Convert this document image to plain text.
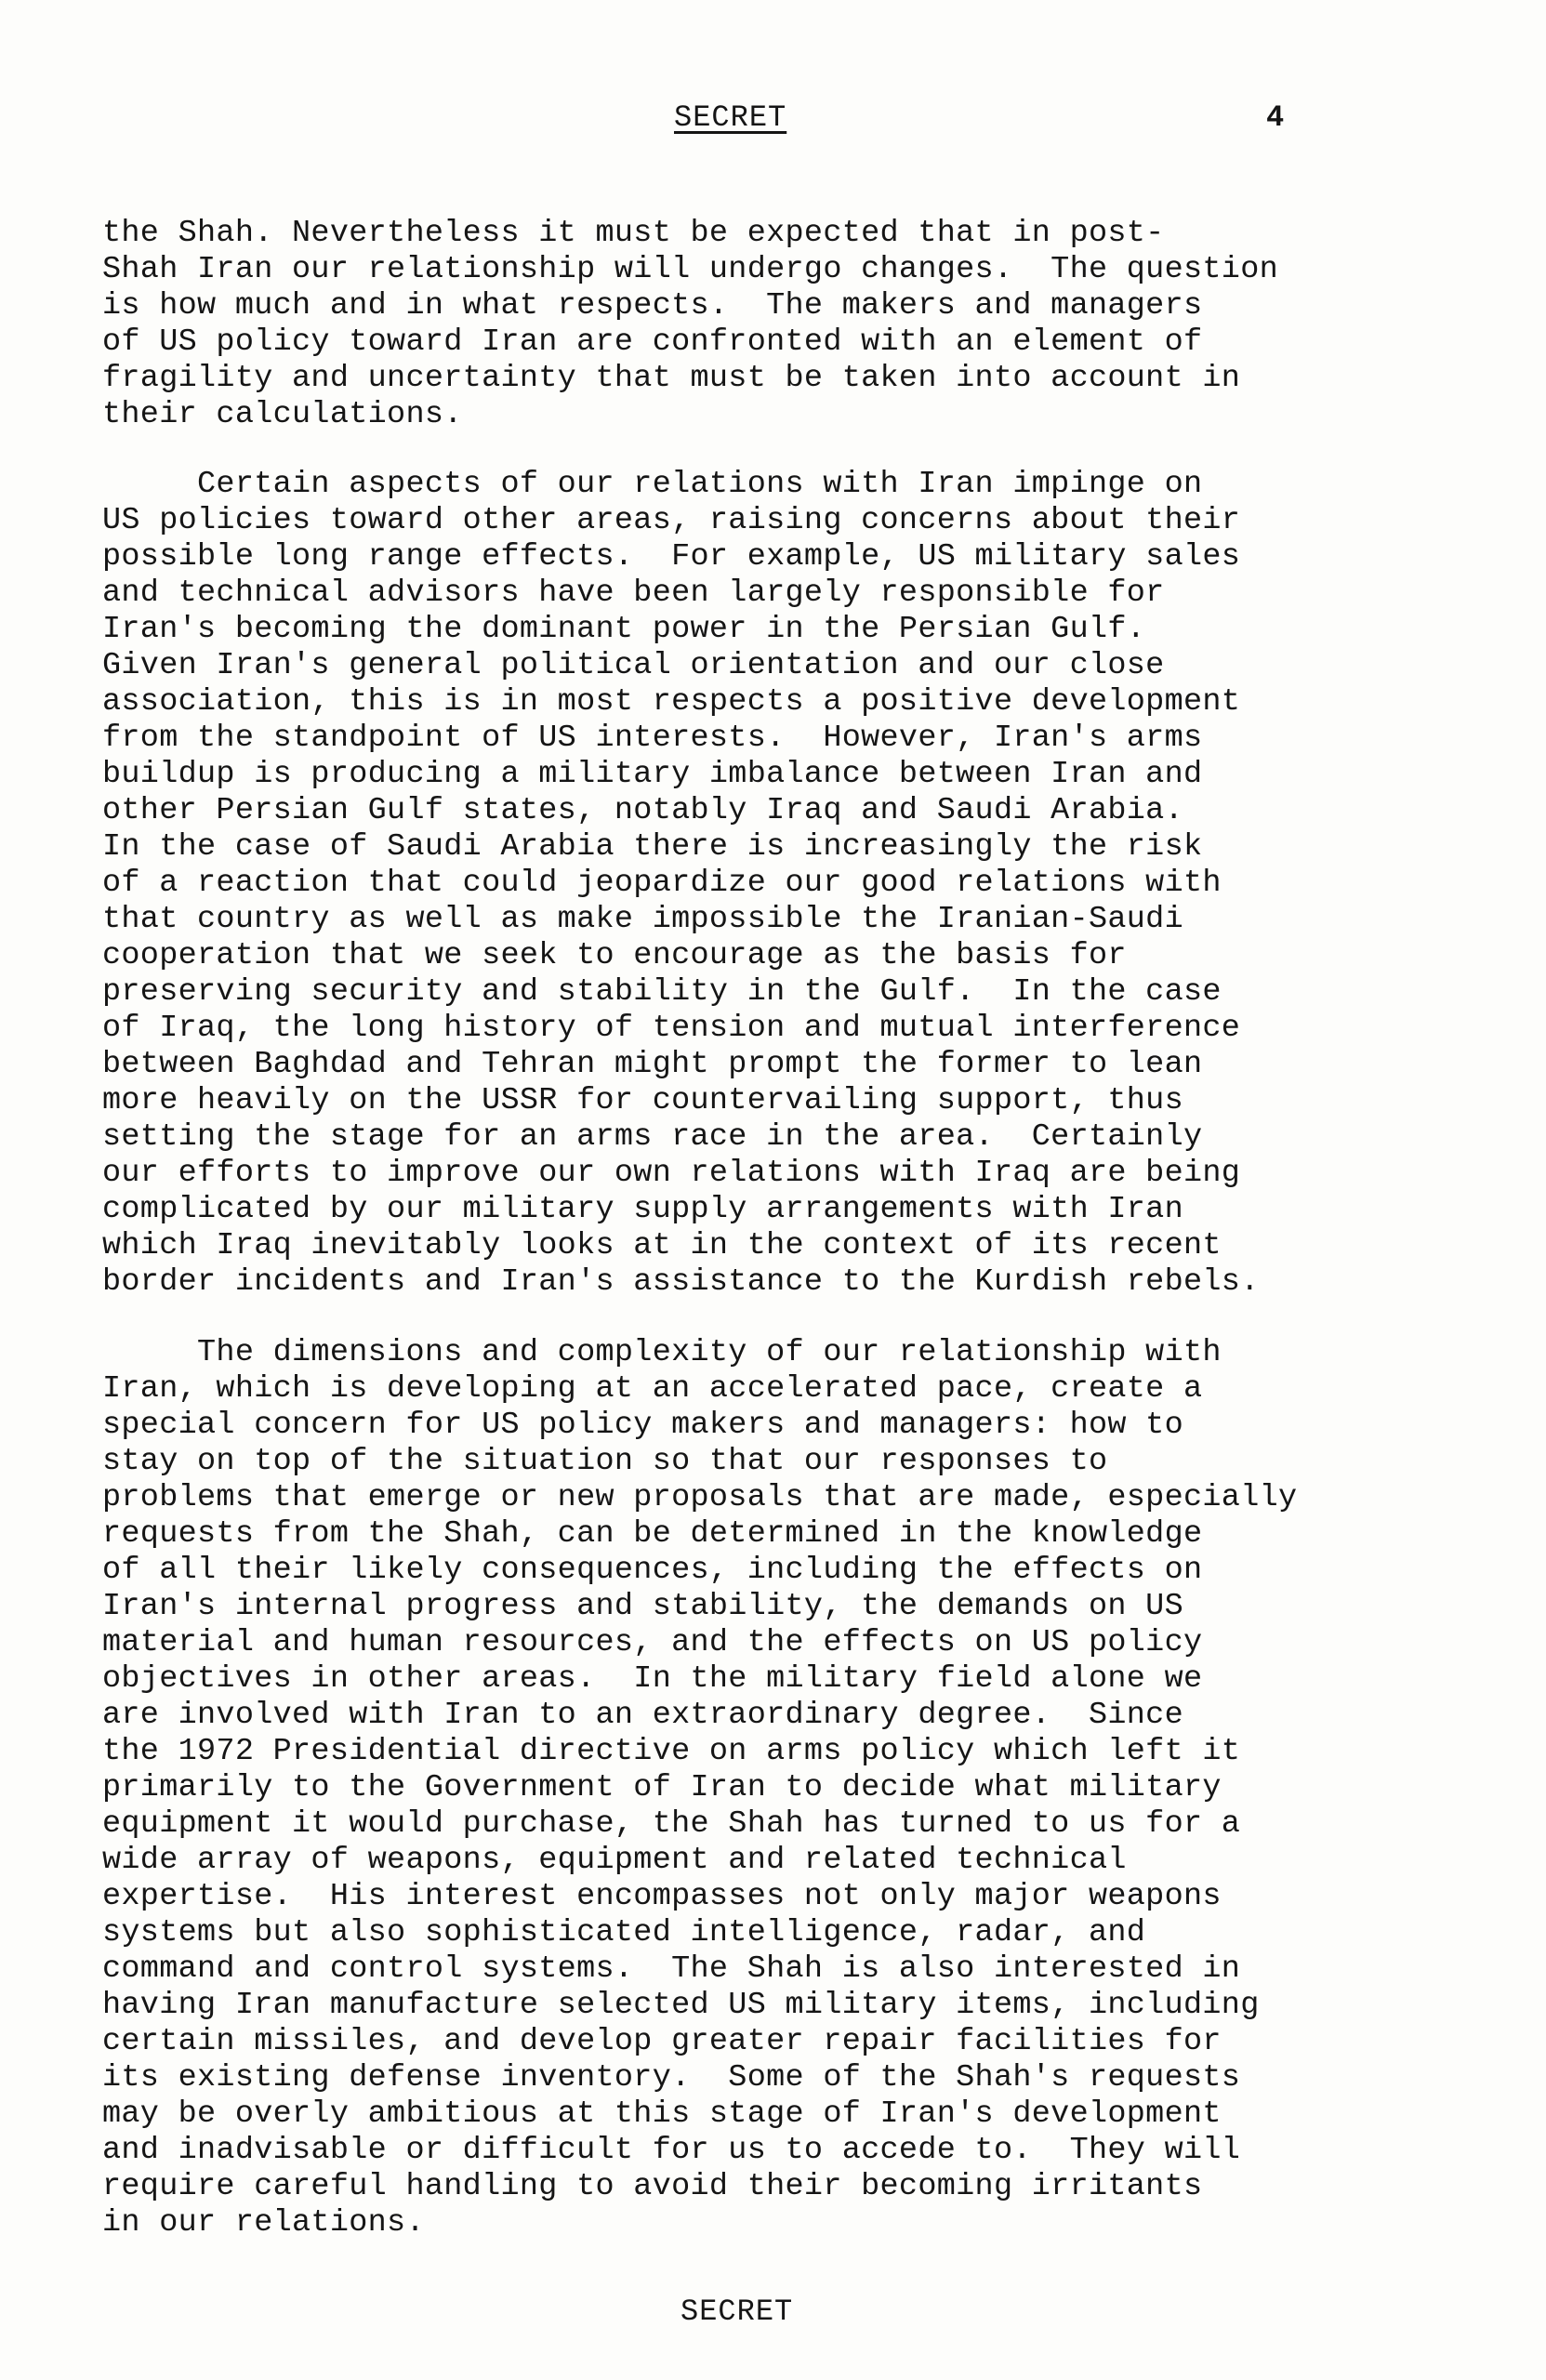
SECRET	4
the Shah. Nevertheless it must be expected that in post-
Shah Iran our relationship will undergo changes.  The question
is how much and in what respects.  The makers and managers
of US policy toward Iran are confronted with an element of
fragility and uncertainty that must be taken into account in
their calculations.
Certain aspects of our relations with Iran impinge on
US policies toward other areas, raising concerns about their
possible long range effects.  For example, US military sales
and technical advisors have been largely responsible for
Iran's becoming the dominant power in the Persian Gulf.
Given Iran's general political orientation and our close
association, this is in most respects a positive development
from the standpoint of US interests.  However, Iran's arms
buildup is producing a military imbalance between Iran and
other Persian Gulf states, notably Iraq and Saudi Arabia.
In the case of Saudi Arabia there is increasingly the risk
of a reaction that could jeopardize our good relations with
that country as well as make impossible the Iranian-Saudi
cooperation that we seek to encourage as the basis for
preserving security and stability in the Gulf.  In the case
of Iraq, the long history of tension and mutual interference
between Baghdad and Tehran might prompt the former to lean
more heavily on the USSR for countervailing support, thus
setting the stage for an arms race in the area.  Certainly
our efforts to improve our own relations with Iraq are being
complicated by our military supply arrangements with Iran
which Iraq inevitably looks at in the context of its recent
border incidents and Iran's assistance to the Kurdish rebels.
The dimensions and complexity of our relationship with
Iran, which is developing at an accelerated pace, create a
special concern for US policy makers and managers: how to
stay on top of the situation so that our responses to
problems that emerge or new proposals that are made, especially
requests from the Shah, can be determined in the knowledge
of all their likely consequences, including the effects on
Iran's internal progress and stability, the demands on US
material and human resources, and the effects on US policy
objectives in other areas.  In the military field alone we
are involved with Iran to an extraordinary degree.  Since
the 1972 Presidential directive on arms policy which left it
primarily to the Government of Iran to decide what military
equipment it would purchase, the Shah has turned to us for a
wide array of weapons, equipment and related technical
expertise.  His interest encompasses not only major weapons
systems but also sophisticated intelligence, radar, and
command and control systems.  The Shah is also interested in
having Iran manufacture selected US military items, including
certain missiles, and develop greater repair facilities for
its existing defense inventory.  Some of the Shah's requests
may be overly ambitious at this stage of Iran's development
and inadvisable or difficult for us to accede to.  They will
require careful handling to avoid their becoming irritants
in our relations.
SECRET
